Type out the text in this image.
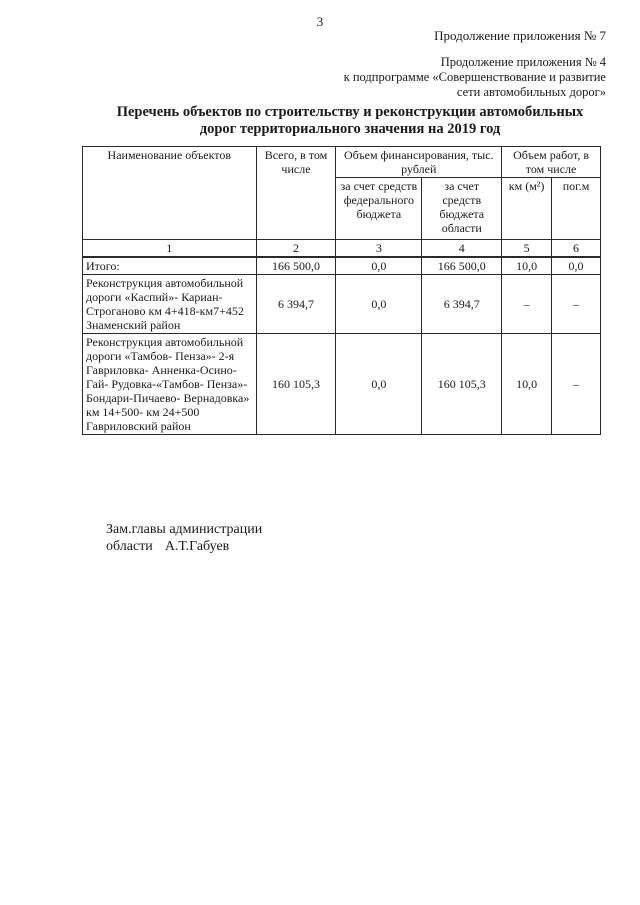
3
Продолжение приложения № 7
Продолжение приложения № 4
к подпрограмме «Совершенствование и развитие
сети автомобильных дорог»
Перечень объектов по строительству и реконструкции автомобильных
дорог территориального значения на 2019 год
Наименование объектов	Всего, в том числе	Объем финансирования, тыс. рублей		Объем работ, в том числе	
		за счет средств федерального бюджета	за счет средств бюджета области	км (м²)	пог.м
1	2	3	4	5	6
Итого:	166 500,0	0,0	166 500,0	10,0	0,0
Реконструкция автомобильной дороги «Каспий»- Кариан-Строганово км 4+418-км7+452 Знаменский район	6 394,7	0,0	6 394,7	–	–
Реконструкция автомобильной дороги «Тамбов- Пенза»- 2-я Гавриловка- Анненка-Осино- Гай- Рудовка-«Тамбов- Пенза»- Бондари-Пичаево- Вернадовка» км 14+500- км 24+500 Гавриловский район	160 105,3	0,0	160 105,3	10,0	–
Зам.главы администрации
области А.Т.Габуев
